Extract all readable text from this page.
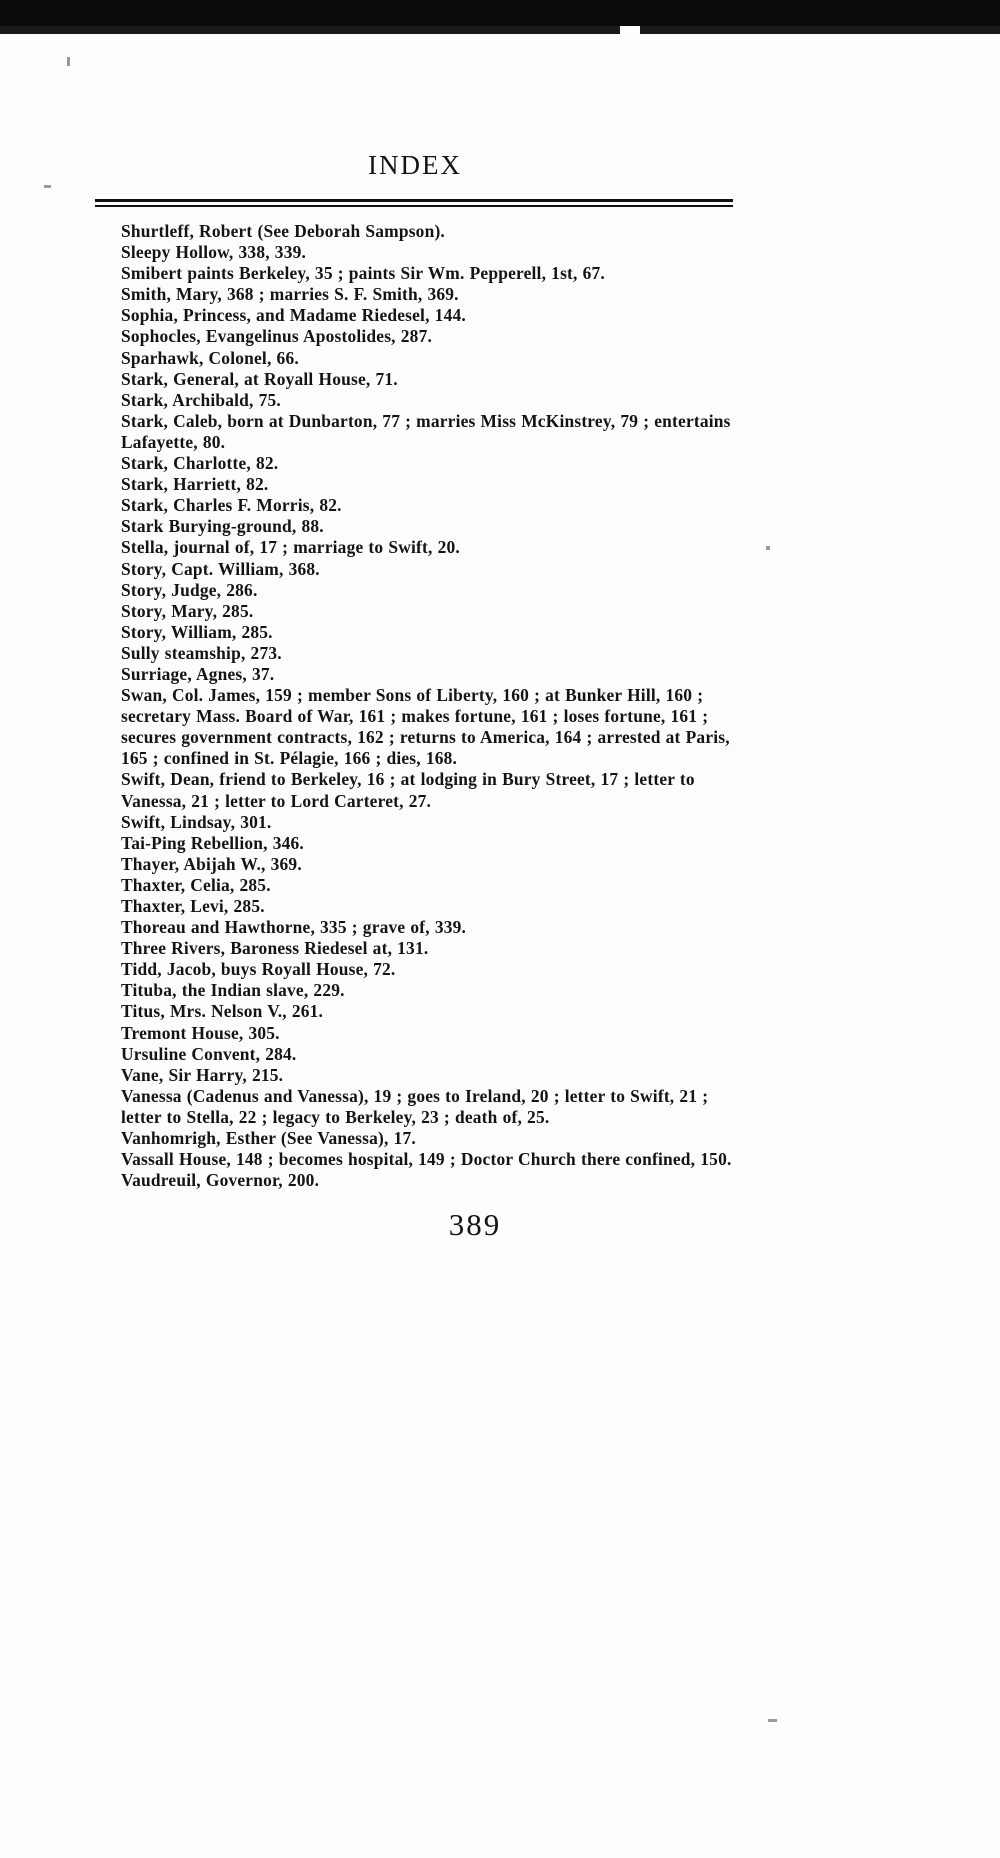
INDEX
Shurtleff, Robert (See Deborah Sampson).
Sleepy Hollow, 338, 339.
Smibert paints Berkeley, 35 ; paints Sir Wm. Pepperell, 1st, 67.
Smith, Mary, 368 ; marries S. F. Smith, 369.
Sophia, Princess, and Madame Riedesel, 144.
Sophocles, Evangelinus Apostolides, 287.
Sparhawk, Colonel, 66.
Stark, General, at Royall House, 71.
Stark, Archibald, 75.
Stark, Caleb, born at Dunbarton, 77 ; marries Miss McKinstrey, 79 ; entertains Lafayette, 80.
Stark, Charlotte, 82.
Stark, Harriett, 82.
Stark, Charles F. Morris, 82.
Stark Burying-ground, 88.
Stella, journal of, 17 ; marriage to Swift, 20.
Story, Capt. William, 368.
Story, Judge, 286.
Story, Mary, 285.
Story, William, 285.
Sully steamship, 273.
Surriage, Agnes, 37.
Swan, Col. James, 159 ; member Sons of Liberty, 160 ; at Bunker Hill, 160 ; secretary Mass. Board of War, 161 ; makes fortune, 161 ; loses fortune, 161 ; secures government contracts, 162 ; returns to America, 164 ; arrested at Paris, 165 ; confined in St. Pélagie, 166 ; dies, 168.
Swift, Dean, friend to Berkeley, 16 ; at lodging in Bury Street, 17 ; letter to Vanessa, 21 ; letter to Lord Carteret, 27.
Swift, Lindsay, 301.
Tai-Ping Rebellion, 346.
Thayer, Abijah W., 369.
Thaxter, Celia, 285.
Thaxter, Levi, 285.
Thoreau and Hawthorne, 335 ; grave of, 339.
Three Rivers, Baroness Riedesel at, 131.
Tidd, Jacob, buys Royall House, 72.
Tituba, the Indian slave, 229.
Titus, Mrs. Nelson V., 261.
Tremont House, 305.
Ursuline Convent, 284.
Vane, Sir Harry, 215.
Vanessa (Cadenus and Vanessa), 19 ; goes to Ireland, 20 ; letter to Swift, 21 ; letter to Stella, 22 ; legacy to Berkeley, 23 ; death of, 25.
Vanhomrigh, Esther (See Vanessa), 17.
Vassall House, 148 ; becomes hospital, 149 ; Doctor Church there confined, 150.
Vaudreuil, Governor, 200.
389
